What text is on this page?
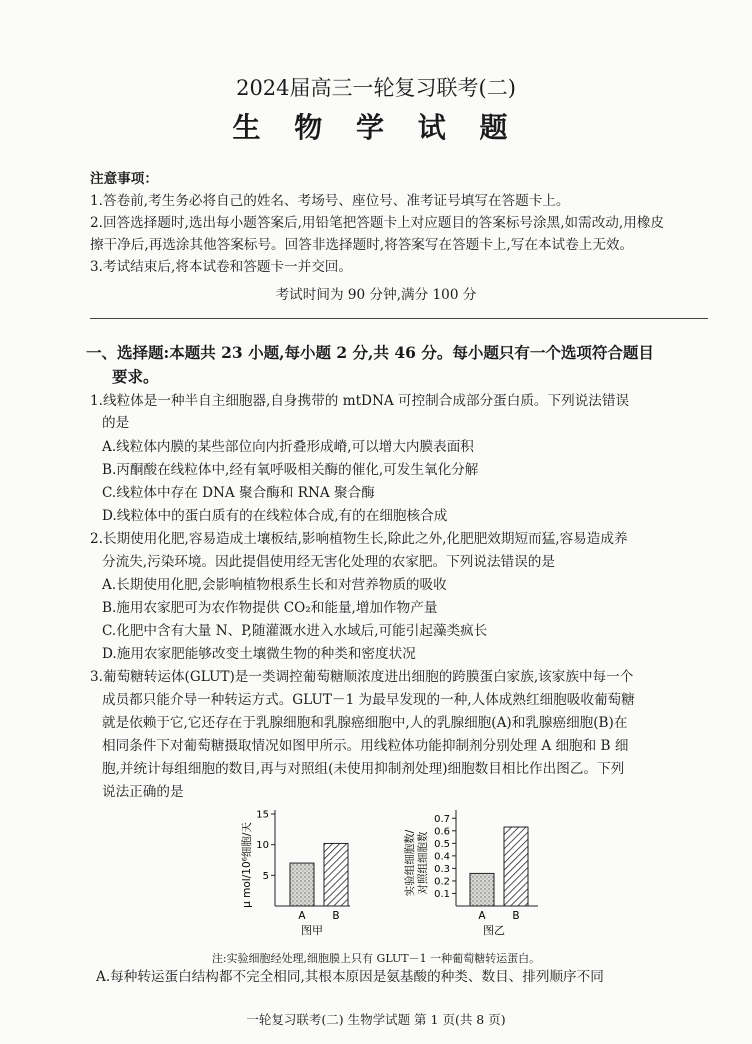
2024届高三一轮复习联考(二)
生 物 学 试 题
注意事项：
1.答卷前,考生务必将自己的姓名、考场号、座位号、准考证号填写在答题卡上。
2.回答选择题时,选出每小题答案后,用铅笔把答题卡上对应题目的答案标号涂黑,如需改动,用橡皮
擦干净后,再选涂其他答案标号。回答非选择题时,将答案写在答题卡上,写在本试卷上无效。
3.考试结束后,将本试卷和答题卡一并交回。
考试时间为 90 分钟,满分 100 分
一、选择题:本题共 23 小题,每小题 2 分,共 46 分。每小题只有一个选项符合题目
要求。
1.线粒体是一种半自主细胞器,自身携带的 mtDNA 可控制合成部分蛋白质。下列说法错误
的是
A.线粒体内膜的某些部位向内折叠形成嵴,可以增大内膜表面积
B.丙酮酸在线粒体中,经有氧呼吸相关酶的催化,可发生氧化分解
C.线粒体中存在 DNA 聚合酶和 RNA 聚合酶
D.线粒体中的蛋白质有的在线粒体合成,有的在细胞核合成
2.长期使用化肥,容易造成土壤板结,影响植物生长,除此之外,化肥肥效期短而猛,容易造成养
分流失,污染环境。因此提倡使用经无害化处理的农家肥。下列说法错误的是
A.长期使用化肥,会影响植物根系生长和对营养物质的吸收
B.施用农家肥可为农作物提供 CO₂和能量,增加作物产量
C.化肥中含有大量 N、P,随灌溉水进入水域后,可能引起藻类疯长
D.施用农家肥能够改变土壤微生物的种类和密度状况
3.葡萄糖转运体(GLUT)是一类调控葡萄糖顺浓度进出细胞的跨膜蛋白家族,该家族中每一个
成员都只能介导一种转运方式。GLUT－1 为最早发现的一种,人体成熟红细胞吸收葡萄糖
就是依赖于它,它还存在于乳腺细胞和乳腺癌细胞中,人的乳腺细胞(A)和乳腺癌细胞(B)在
相同条件下对葡萄糖摄取情况如图甲所示。用线粒体功能抑制剂分别处理 A 细胞和 B 细
胞,并统计每组细胞的数目,再与对照组(未使用抑制剂处理)细胞数目相比作出图乙。下列
说法正确的是
μ mol/10⁶细胞/天 5
10
15
A	B
图甲
实验组细胞数/ 对照组细胞数 0.1
0.2
0.3
0.4
0.5
0.6
0.7
A	B
图乙
注:实验细胞经处理,细胞膜上只有 GLUT－1 一种葡萄糖转运蛋白。
A.每种转运蛋白结构都不完全相同,其根本原因是氨基酸的种类、数目、排列顺序不同
一轮复习联考(二) 生物学试题 第 1 页(共 8 页)
